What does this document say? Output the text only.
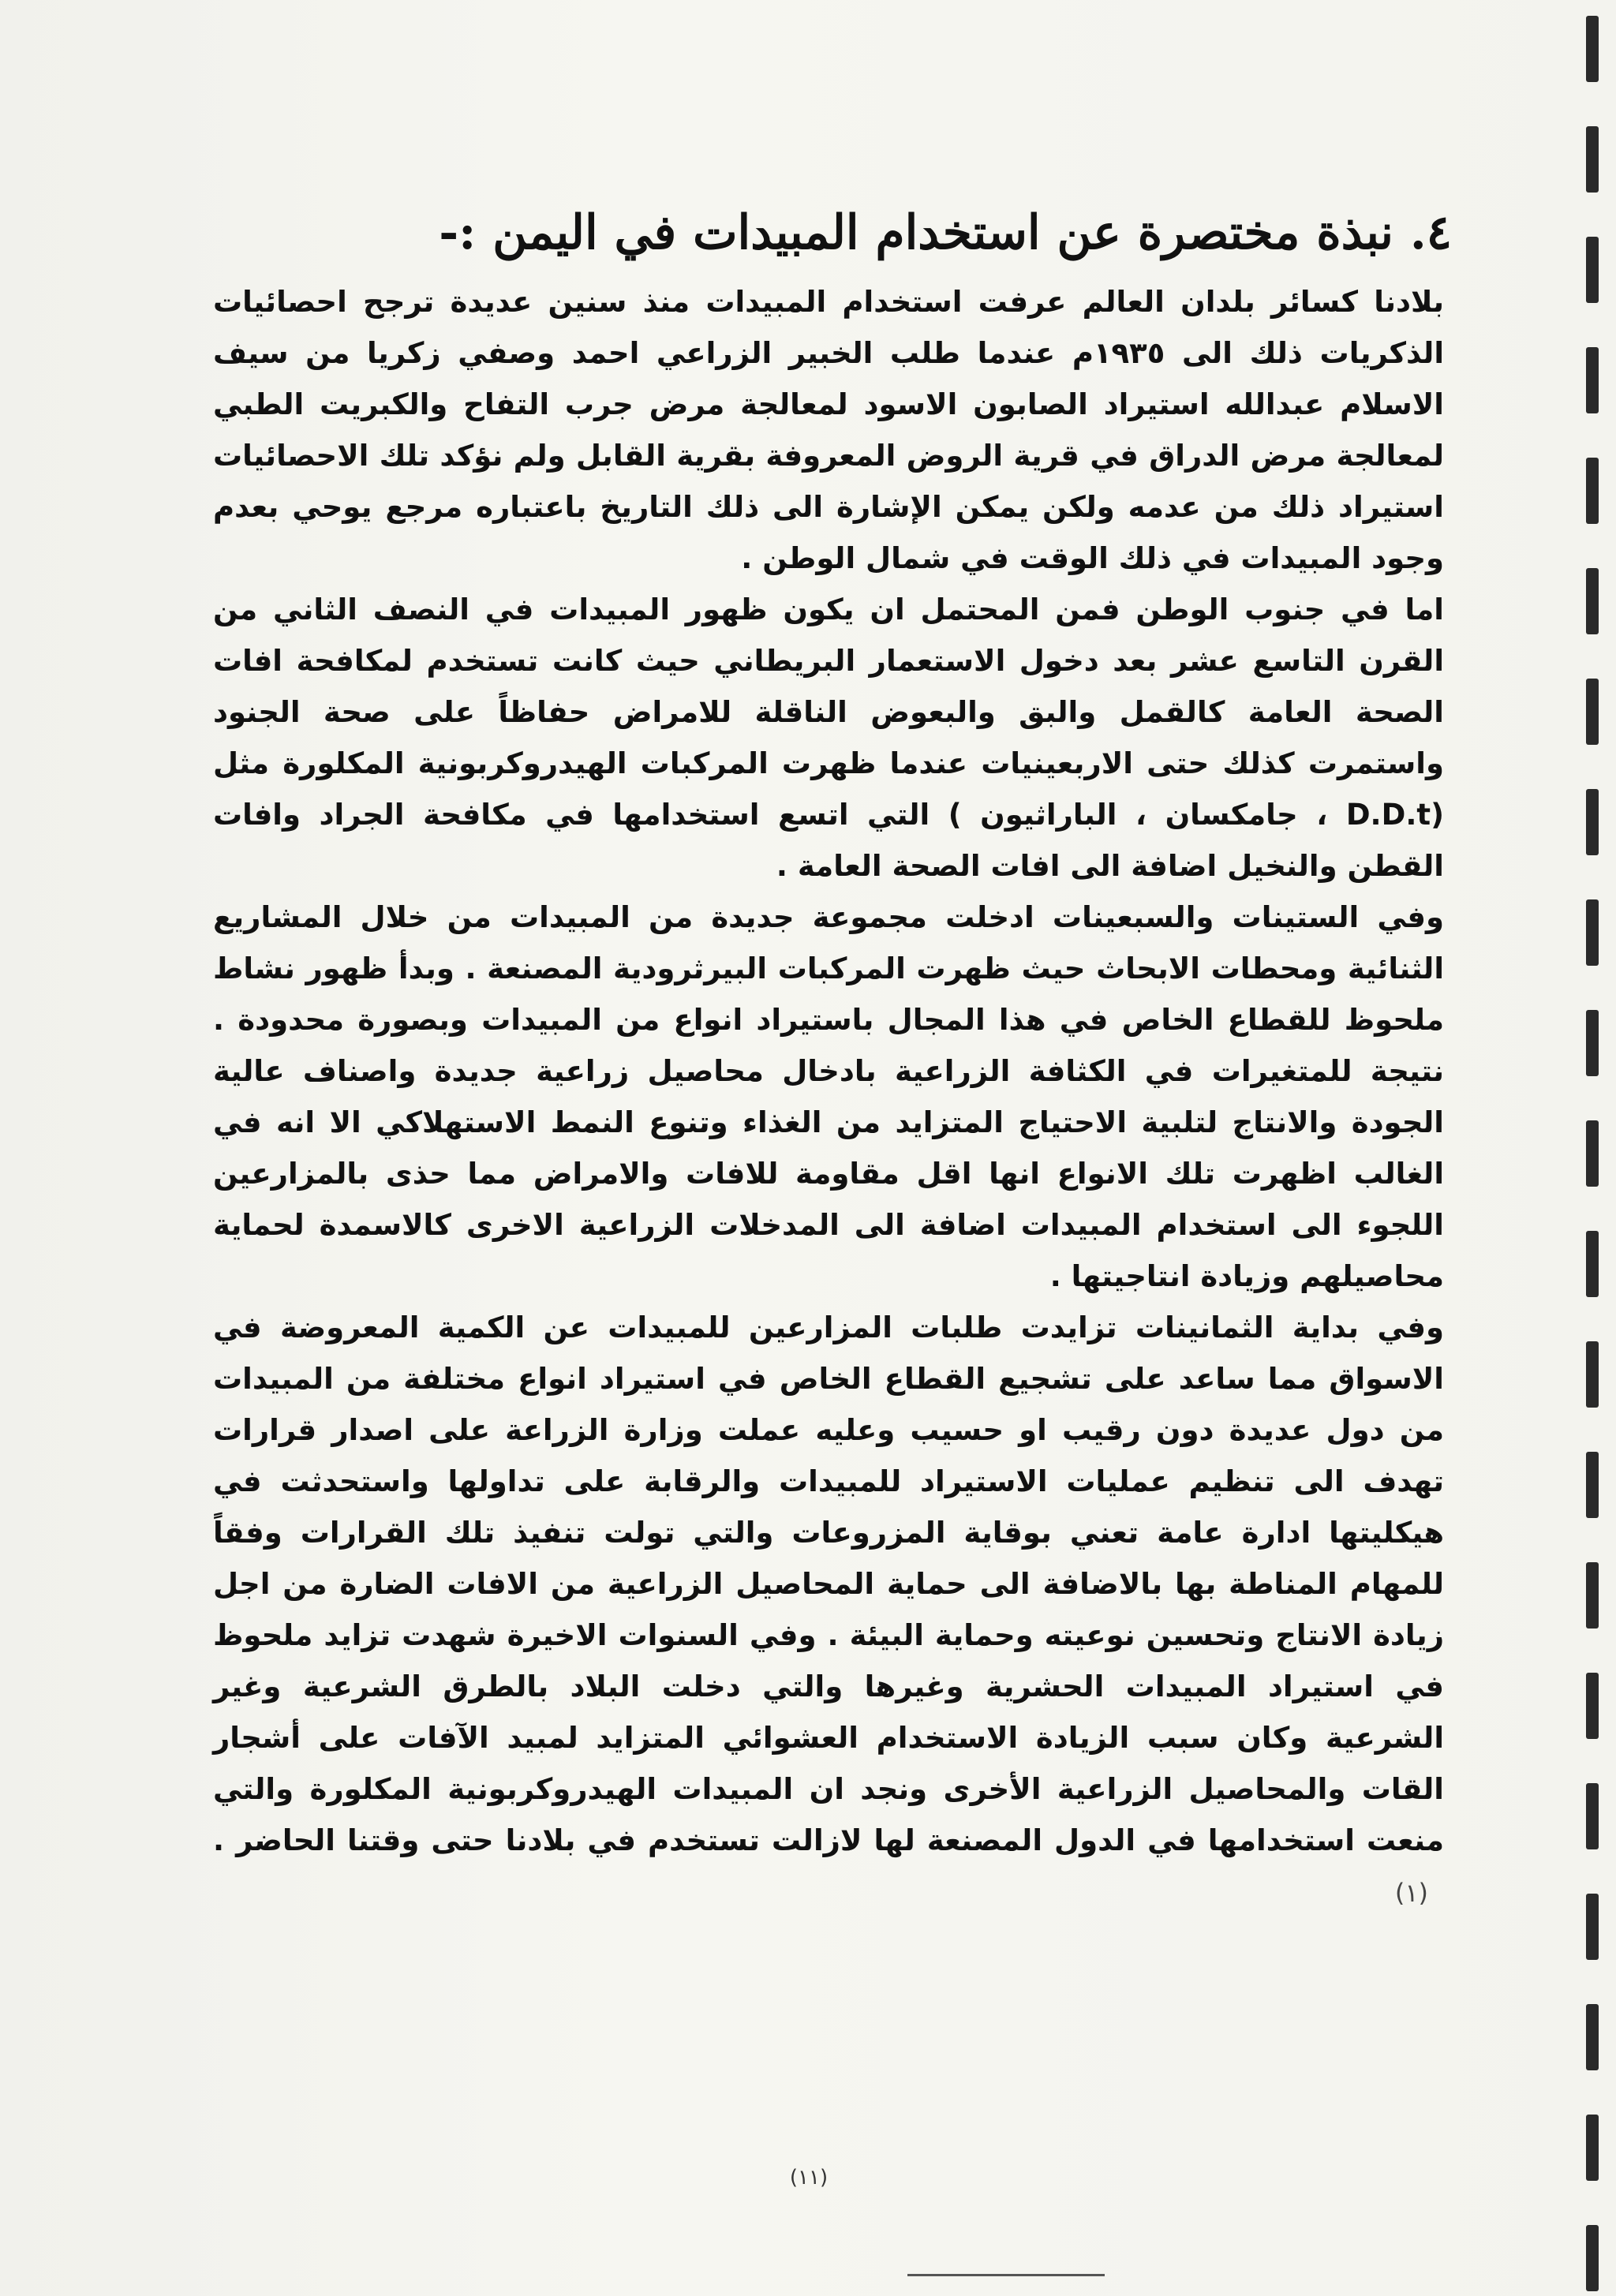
٤. نبذة مختصرة عن استخدام المبيدات في اليمن :-

بلادنا كسائر بلدان العالم عرفت استخدام المبيدات منذ سنين عديدة ترجح احصائيات الذكريات ذلك الى ١٩٣٥م عندما طلب الخبير الزراعي احمد وصفي زكريا من سيف الاسلام عبدالله استيراد الصابون الاسود لمعالجة مرض جرب التفاح والكبريت الطبي لمعالجة مرض الدراق في قرية الروض المعروفة بقرية القابل ولم نؤكد تلك الاحصائيات استيراد ذلك من عدمه ولكن يمكن الإشارة الى ذلك التاريخ باعتباره مرجع يوحي بعدم وجود المبيدات في ذلك الوقت في شمال الوطن .

اما في جنوب الوطن فمن المحتمل ان يكون ظهور المبيدات في النصف الثاني من القرن التاسع عشر بعد دخول الاستعمار البريطاني حيث كانت تستخدم لمكافحة افات الصحة العامة كالقمل والبق والبعوض الناقلة للامراض حفاظاً على صحة الجنود واستمرت كذلك حتى الاربعينيات عندما ظهرت المركبات الهيدروكربونية المكلورة مثل (D.D.t ، جامكسان ، الباراثيون ) التي اتسع استخدامها في مكافحة الجراد وافات القطن والنخيل اضافة الى افات الصحة العامة .

وفي الستينات والسبعينات ادخلت مجموعة جديدة من المبيدات من خلال المشاريع الثنائية ومحطات الابحاث حيث ظهرت المركبات البيرثرودية المصنعة . وبدأ ظهور نشاط ملحوظ للقطاع الخاص في هذا المجال باستيراد انواع من المبيدات وبصورة محدودة . نتيجة للمتغيرات في الكثافة الزراعية بادخال محاصيل زراعية جديدة واصناف عالية الجودة والانتاج لتلبية الاحتياج المتزايد من الغذاء وتنوع النمط الاستهلاكي الا انه في الغالب اظهرت تلك الانواع انها اقل مقاومة للافات والامراض مما حذى بالمزارعين اللجوء الى استخدام المبيدات اضافة الى المدخلات الزراعية الاخرى كالاسمدة لحماية محاصيلهم وزيادة انتاجيتها .

وفي بداية الثمانينات تزايدت طلبات المزارعين للمبيدات عن الكمية المعروضة في الاسواق مما ساعد على تشجيع القطاع الخاص في استيراد انواع مختلفة من المبيدات من دول عديدة دون رقيب او حسيب وعليه عملت وزارة الزراعة على اصدار قرارات تهدف الى تنظيم عمليات الاستيراد للمبيدات والرقابة على تداولها واستحدثت في هيكليتها ادارة عامة تعني بوقاية المزروعات والتي تولت تنفيذ تلك القرارات وفقاً للمهام المناطة بها بالاضافة الى حماية المحاصيل الزراعية من الافات الضارة من اجل زيادة الانتاج وتحسين نوعيته وحماية البيئة . وفي السنوات الاخيرة شهدت تزايد ملحوظ في استيراد المبيدات الحشرية وغيرها والتي دخلت البلاد بالطرق الشرعية وغير الشرعية وكان سبب الزيادة الاستخدام العشوائي المتزايد لمبيد الآفات على أشجار القات والمحاصيل الزراعية الأخرى ونجد ان المبيدات الهيدروكربونية المكلورة والتي منعت استخدامها في الدول المصنعة لها لازالت تستخدم في بلادنا حتى وقتنا الحاضر .(١)

(١١)
